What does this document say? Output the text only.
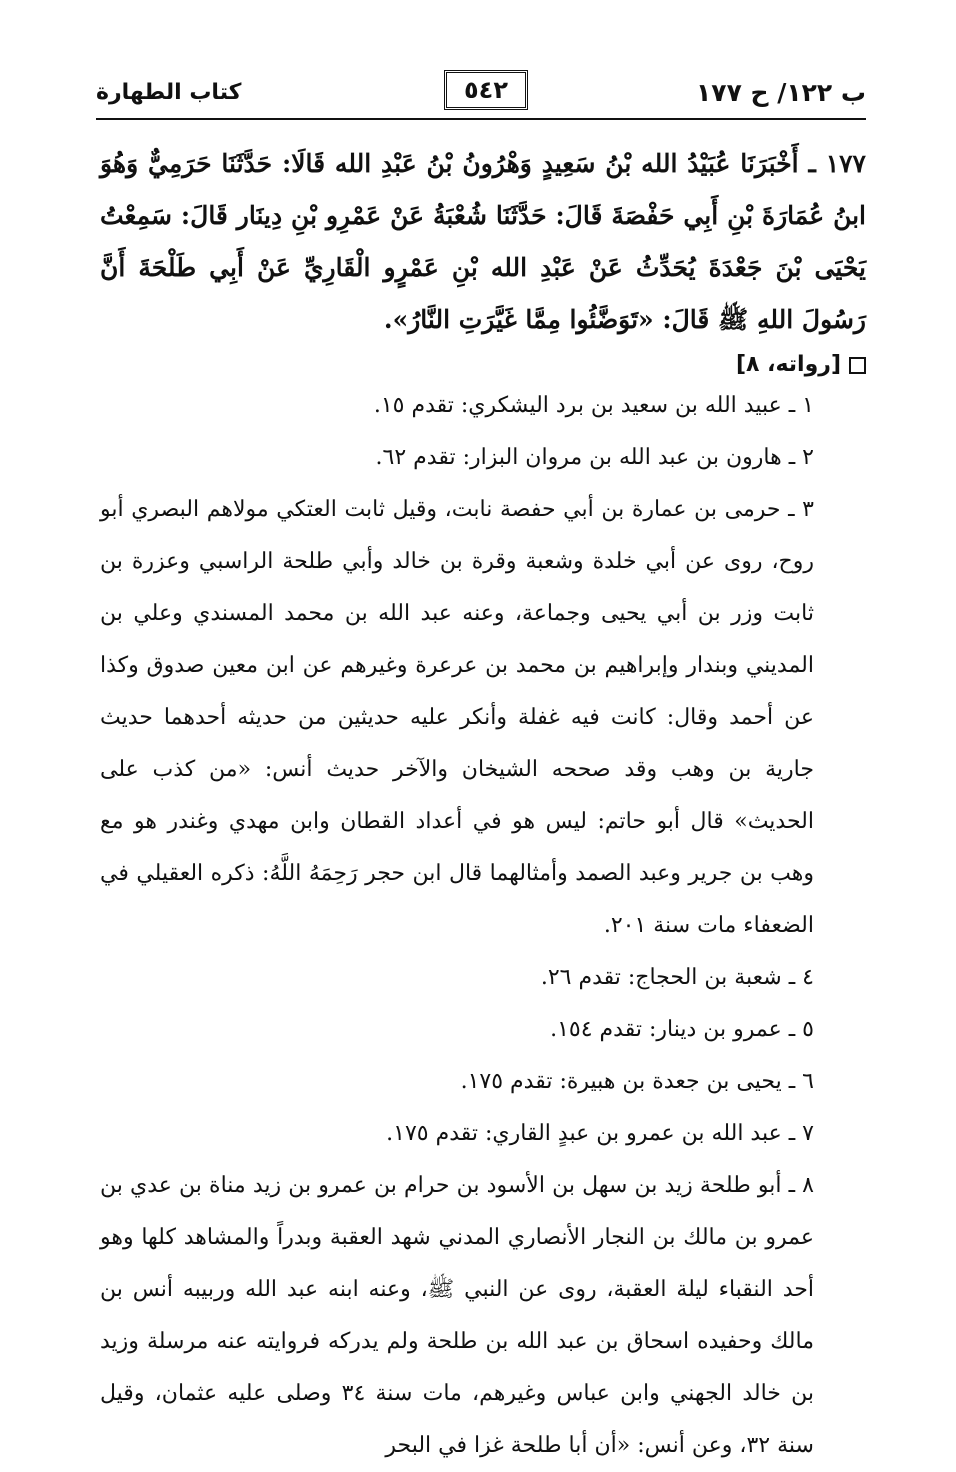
ب ١٢٢/ ح ١٧٧
٥٤٢
كتاب الطهارة
١٧٧ ـ أَخْبَرَنَا عُبَيْدُ الله بْنُ سَعِيدٍ وَهْرُونُ بْنُ عَبْدِ الله قَالَا: حَدَّثَنَا حَرَمِيٌّ وَهُوَ ابنُ عُمَارَةَ بْنِ أَبِي حَفْصَةَ قَالَ: حَدَّثَنَا شُعْبَةُ عَنْ عَمْرِو بْنِ دِينَار قَالَ: سَمِعْتُ يَحْيَى بْنَ جَعْدَةَ يُحَدِّثُ عَنْ عَبْدِ الله بْنِ عَمْرٍو الْقَارِيِّ عَنْ أَبِي طَلْحَةَ أَنَّ رَسُولَ اللهِ ﷺ قَالَ: «تَوَضَّئُوا مِمَّا غَيَّرَتِ النَّارُ».
[رواته، ٨]

١ ـ عبيد الله بن سعيد بن برد اليشكري: تقدم ١٥.

٢ ـ هارون بن عبد الله بن مروان البزار: تقدم ٦٢.

٣ ـ حرمى بن عمارة بن أبي حفصة نابت، وقيل ثابت العتكي مولاهم البصري أبو روح، روى عن أبي خلدة وشعبة وقرة بن خالد وأبي طلحة الراسبي وعزرة بن ثابت وزر بن أبي يحيى وجماعة، وعنه عبد الله بن محمد المسندي وعلي بن المديني وبندار وإبراهيم بن محمد بن عرعرة وغيرهم عن ابن معين صدوق وكذا عن أحمد وقال: كانت فيه غفلة وأنكر عليه حديثين من حديثه أحدهما حديث جارية بن وهب وقد صححه الشيخان والآخر حديث أنس: «من كذب على الحديث» قال أبو حاتم: ليس هو في أعداد القطان وابن مهدي وغندر هو مع وهب بن جرير وعبد الصمد وأمثالهما قال ابن حجر رَحِمَهُ اللَّهُ: ذكره العقيلي في الضعفاء مات سنة ٢٠١.

٤ ـ شعبة بن الحجاج: تقدم ٢٦.

٥ ـ عمرو بن دينار: تقدم ١٥٤.

٦ ـ يحيى بن جعدة بن هبيرة: تقدم ١٧٥.

٧ ـ عبد الله بن عمرو بن عبدٍ القاري: تقدم ١٧٥.

٨ ـ أبو طلحة زيد بن سهل بن الأسود بن حرام بن عمرو بن زيد مناة بن عدي بن عمرو بن مالك بن النجار الأنصاري المدني شهد العقبة وبدراً والمشاهد كلها وهو أحد النقباء ليلة العقبة، روى عن النبي ﷺ، وعنه ابنه عبد الله وربيبه أنس بن مالك وحفيده اسحاق بن عبد الله بن طلحة ولم يدركه فروايته عنه مرسلة وزيد بن خالد الجهني وابن عباس وغيرهم، مات سنة ٣٤ وصلى عليه عثمان، وقيل سنة ٣٢، وعن أنس: «أن أبا طلحة غزا في البحر
